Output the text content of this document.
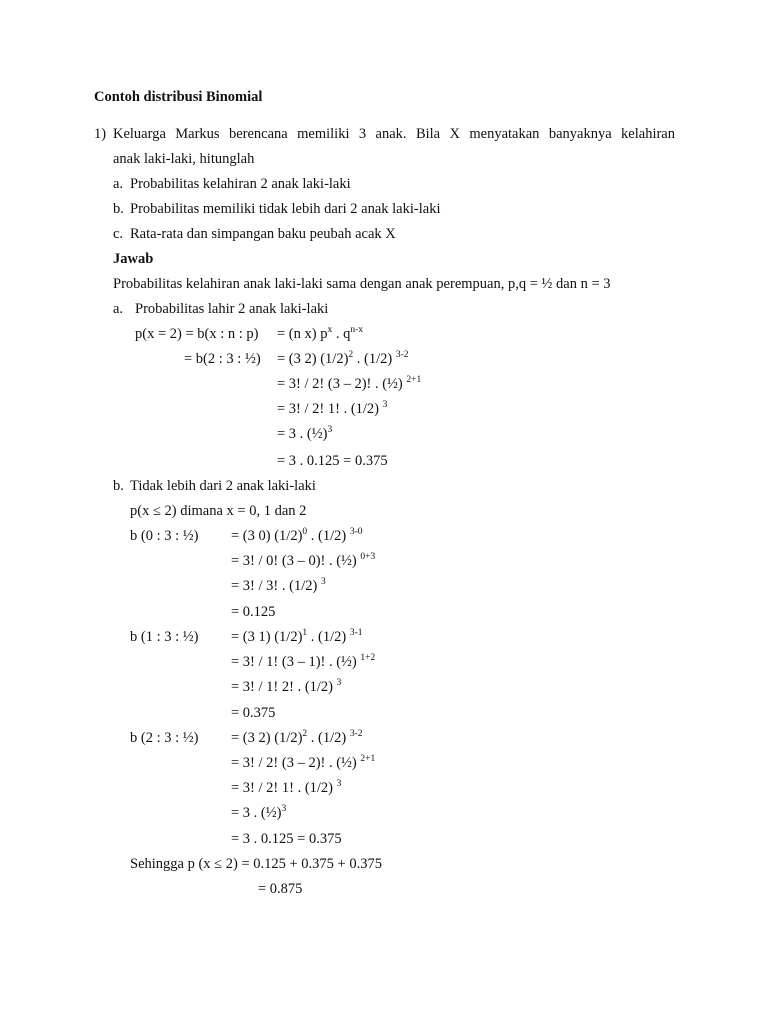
Contoh distribusi Binomial
1) Keluarga Markus berencana memiliki 3 anak. Bila X menyatakan banyaknya kelahiran
anak laki-laki, hitunglah
a. Probabilitas kelahiran 2 anak laki-laki
b. Probabilitas memiliki tidak lebih dari 2 anak laki-laki
c. Rata-rata dan simpangan baku peubah acak X
Jawab
Probabilitas kelahiran anak laki-laki sama dengan anak perempuan, p,q = ½ dan n = 3
a. Probabilitas lahir 2 anak laki-laki
p(x = 2) = b(x : n : p) = (n x) $p^x$ . $q^{n-x}$
= b(2 : 3 : ½) = (3 2) $(1/2)^2$ . (1/2) $^{3-2}$
= 3! / 2! (3 – 2)! . (½) $^{2+1}$
= 3! / 2! 1! . (1/2) $^3$
= 3 . (½)$^3$
= 3 . 0.125 = 0.375
b. Tidak lebih dari 2 anak laki-laki
p(x ≤ 2) dimana x = 0, 1 dan 2
b (0 : 3 : ½) = (3 0) $(1/2)^0$ . (1/2) $^{3-0}$
= 3! / 0! (3 – 0)! . (½) $^{0+3}$
= 3! / 3! . (1/2) $^3$
= 0.125
b (1 : 3 : ½) = (3 1) $(1/2)^1$ . (1/2) $^{3-1}$
= 3! / 1! (3 – 1)! . (½) $^{1+2}$
= 3! / 1! 2! . (1/2) $^3$
= 0.375
b (2 : 3 : ½) = (3 2) $(1/2)^2$ . (1/2) $^{3-2}$
= 3! / 2! (3 – 2)! . (½) $^{2+1}$
= 3! / 2! 1! . (1/2) $^3$
= 3 . (½)$^3$
= 3 . 0.125 = 0.375
Sehingga p (x ≤ 2) = 0.125 + 0.375 + 0.375
= 0.875
